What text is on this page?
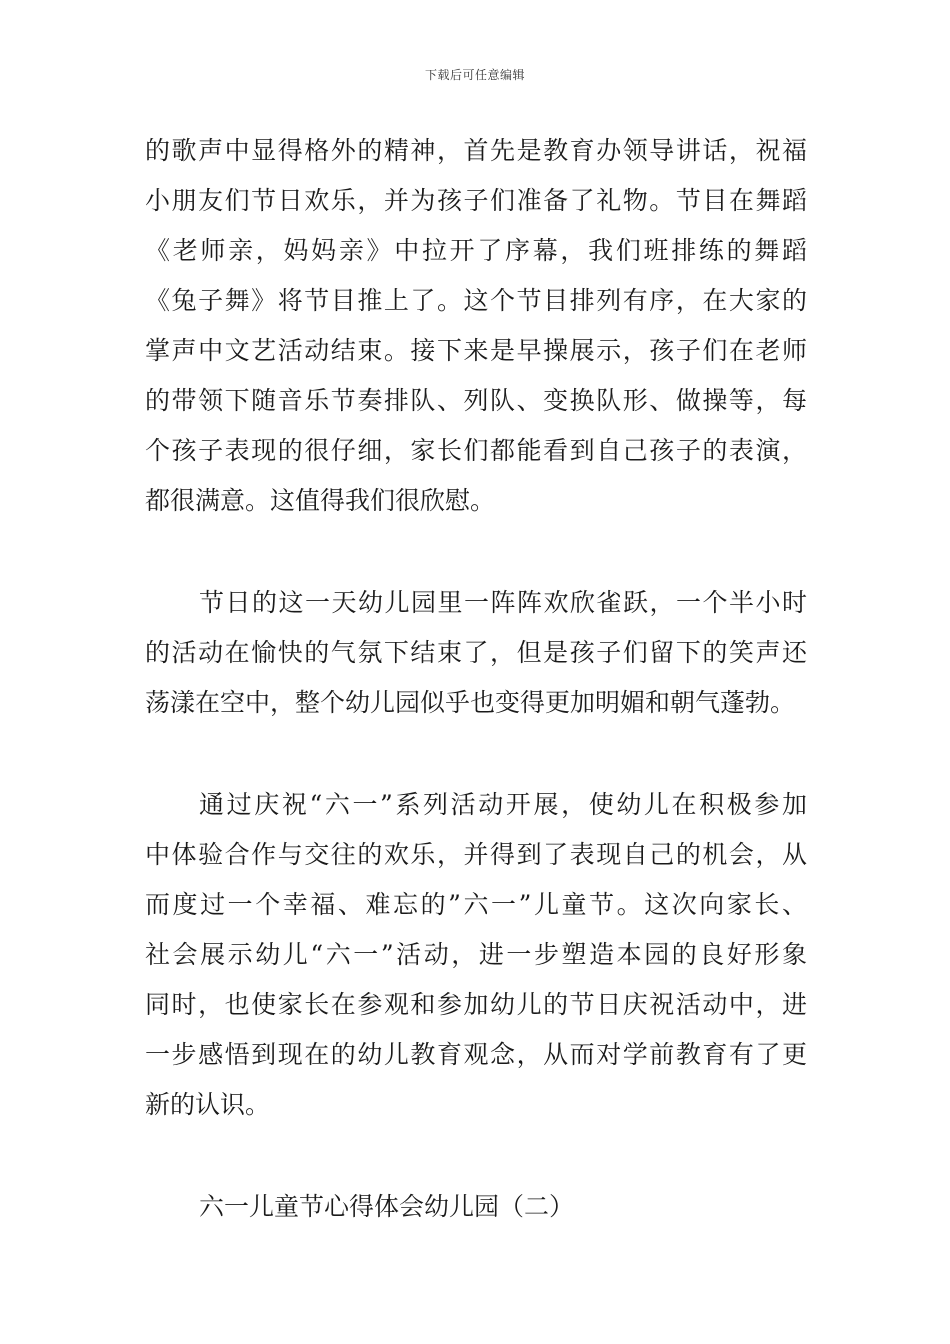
下载后可任意编辑
的歌声中显得格外的精神，首先是教育办领导讲话，祝福
小朋友们节日欢乐，并为孩子们准备了礼物。节目在舞蹈
《老师亲，妈妈亲》中拉开了序幕，我们班排练的舞蹈
《兔子舞》将节目推上了。这个节目排列有序，在大家的
掌声中文艺活动结束。接下来是早操展示，孩子们在老师
的带领下随音乐节奏排队、列队、变换队形、做操等，每
个孩子表现的很仔细，家长们都能看到自己孩子的表演，
都很满意。这值得我们很欣慰。
节日的这一天幼儿园里一阵阵欢欣雀跃，一个半小时
的活动在愉快的气氛下结束了，但是孩子们留下的笑声还
荡漾在空中，整个幼儿园似乎也变得更加明媚和朝气蓬勃。
通过庆祝“六一”系列活动开展，使幼儿在积极参加
中体验合作与交往的欢乐，并得到了表现自己的机会，从
而度过一个幸福、难忘的”六一”儿童节。这次向家长、
社会展示幼儿“六一”活动，进一步塑造本园的良好形象
同时，也使家长在参观和参加幼儿的节日庆祝活动中，进
一步感悟到现在的幼儿教育观念，从而对学前教育有了更
新的认识。
六一儿童节心得体会幼儿园（二）
